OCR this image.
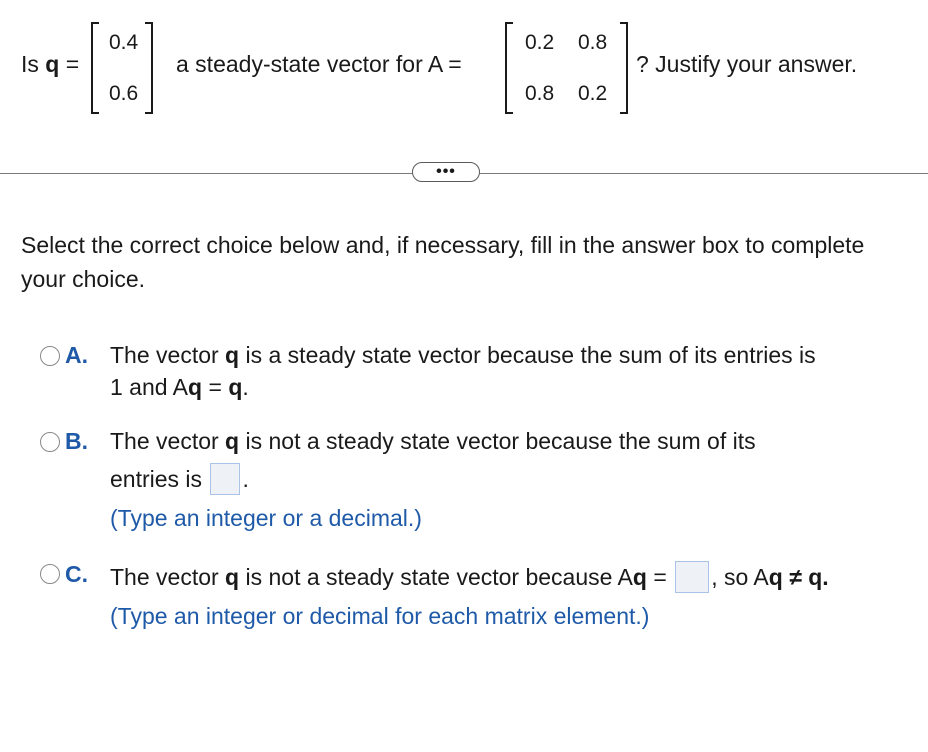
Is q =
0.4
0.6
a steady-state vector for A =
0.2 0.8
0.8 0.2
? Justify your answer.
•••
Select the correct choice below and, if necessary, fill in the answer box to complete your choice.
A. The vector q is a steady state vector because the sum of its entries is
1 and Aq = q.
B. The vector q is not a steady state vector because the sum of its
entries is .
(Type an integer or a decimal.)
C. The vector q is not a steady state vector because Aq = , so Aq ≠ q.
(Type an integer or decimal for each matrix element.)
